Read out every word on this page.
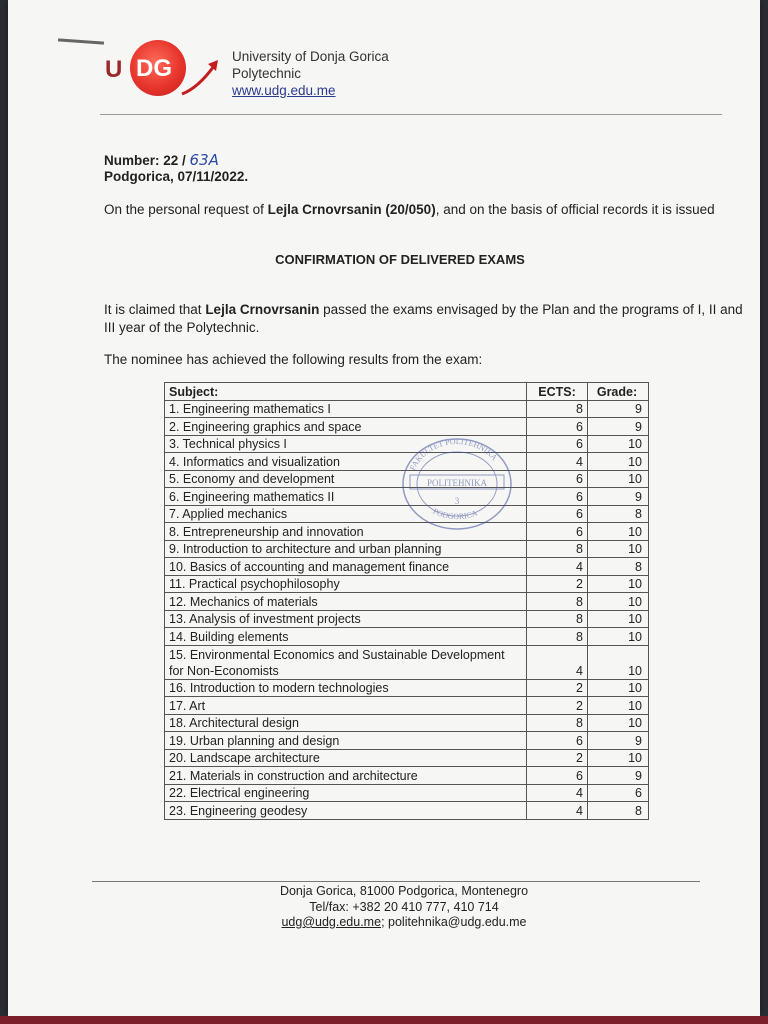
DG
U	University of Donja Gorica
Polytechnic
www.udg.edu.me
Number: 22 / 63A
Podgorica, 07/11/2022.
On the personal request of Lejla Crnovrsanin (20/050), and on the basis of official records it is issued
CONFIRMATION OF DELIVERED EXAMS
It is claimed that Lejla Crnovrsanin passed the exams envisaged by the Plan and the programs of I, II and
III year of the Polytechnic.
The nominee has achieved the following results from the exam:
Subject:	ECTS:	Grade:
1. Engineering mathematics I	8	9
2. Engineering graphics and space	6	9
3. Technical physics I	6	10
4. Informatics and visualization	4	10
5. Economy and development	6	10
6. Engineering mathematics II	6	9
7. Applied mechanics	6	8
8. Entrepreneurship and innovation	6	10
9. Introduction to architecture and urban planning	8	10
10. Basics of accounting and management finance	4	8
11. Practical psychophilosophy	2	10
12. Mechanics of materials	8	10
13. Analysis of investment projects	8	10
14. Building elements	8	10
15. Environmental Economics and Sustainable Development for Non-Economists	4	10
16. Introduction to modern technologies	2	10
17. Art	2	10
18. Architectural design	8	10
19. Urban planning and design	6	9
20. Landscape architecture	2	10
21. Materials in construction and architecture	6	9
22. Electrical engineering	4	6
23. Engineering geodesy	4	8
FAKULTET POLITEHNIKA
POLITEHNIKA
3
PODGORICA
Donja Gorica, 81000 Podgorica, Montenegro
Tel/fax: +382 20 410 777, 410 714
udg@udg.edu.me; politehnika@udg.edu.me
